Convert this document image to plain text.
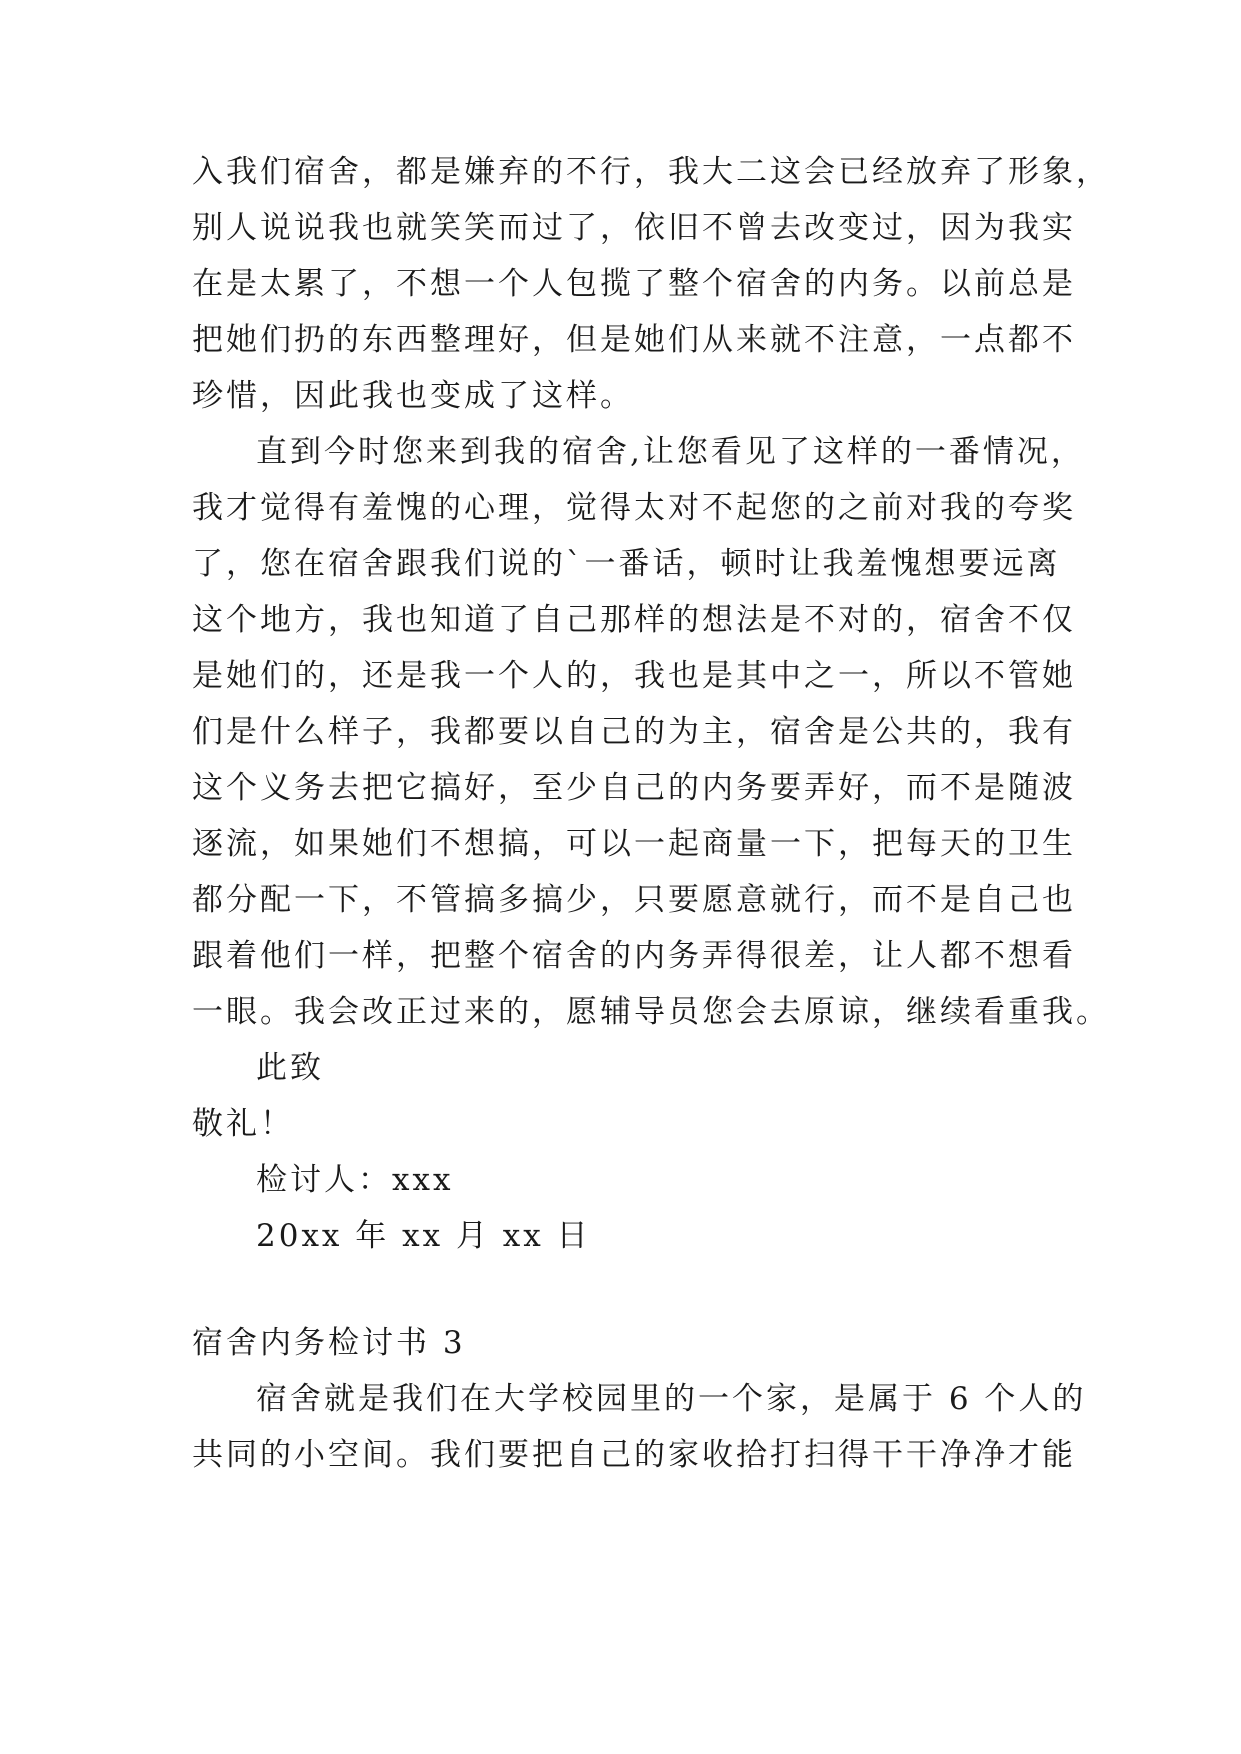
入我们宿舍，都是嫌弃的不行，我大二这会已经放弃了形象，
别人说说我也就笑笑而过了，依旧不曾去改变过，因为我实
在是太累了，不想一个人包揽了整个宿舍的内务。以前总是
把她们扔的东西整理好，但是她们从来就不注意，一点都不
珍惜，因此我也变成了这样。
直到今时您来到我的宿舍,让您看见了这样的一番情况，
我才觉得有羞愧的心理，觉得太对不起您的之前对我的夸奖
了，您在宿舍跟我们说的`一番话，顿时让我羞愧想要远离
这个地方，我也知道了自己那样的想法是不对的，宿舍不仅
是她们的，还是我一个人的，我也是其中之一，所以不管她
们是什么样子，我都要以自己的为主，宿舍是公共的，我有
这个义务去把它搞好，至少自己的内务要弄好，而不是随波
逐流，如果她们不想搞，可以一起商量一下，把每天的卫生
都分配一下，不管搞多搞少，只要愿意就行，而不是自己也
跟着他们一样，把整个宿舍的内务弄得很差，让人都不想看
一眼。我会改正过来的，愿辅导员您会去原谅，继续看重我。
此致
敬礼！
检讨人：xxx
20xx 年 xx 月 xx 日
宿舍内务检讨书 3
宿舍就是我们在大学校园里的一个家，是属于 6 个人的
共同的小空间。我们要把自己的家收拾打扫得干干净净才能
